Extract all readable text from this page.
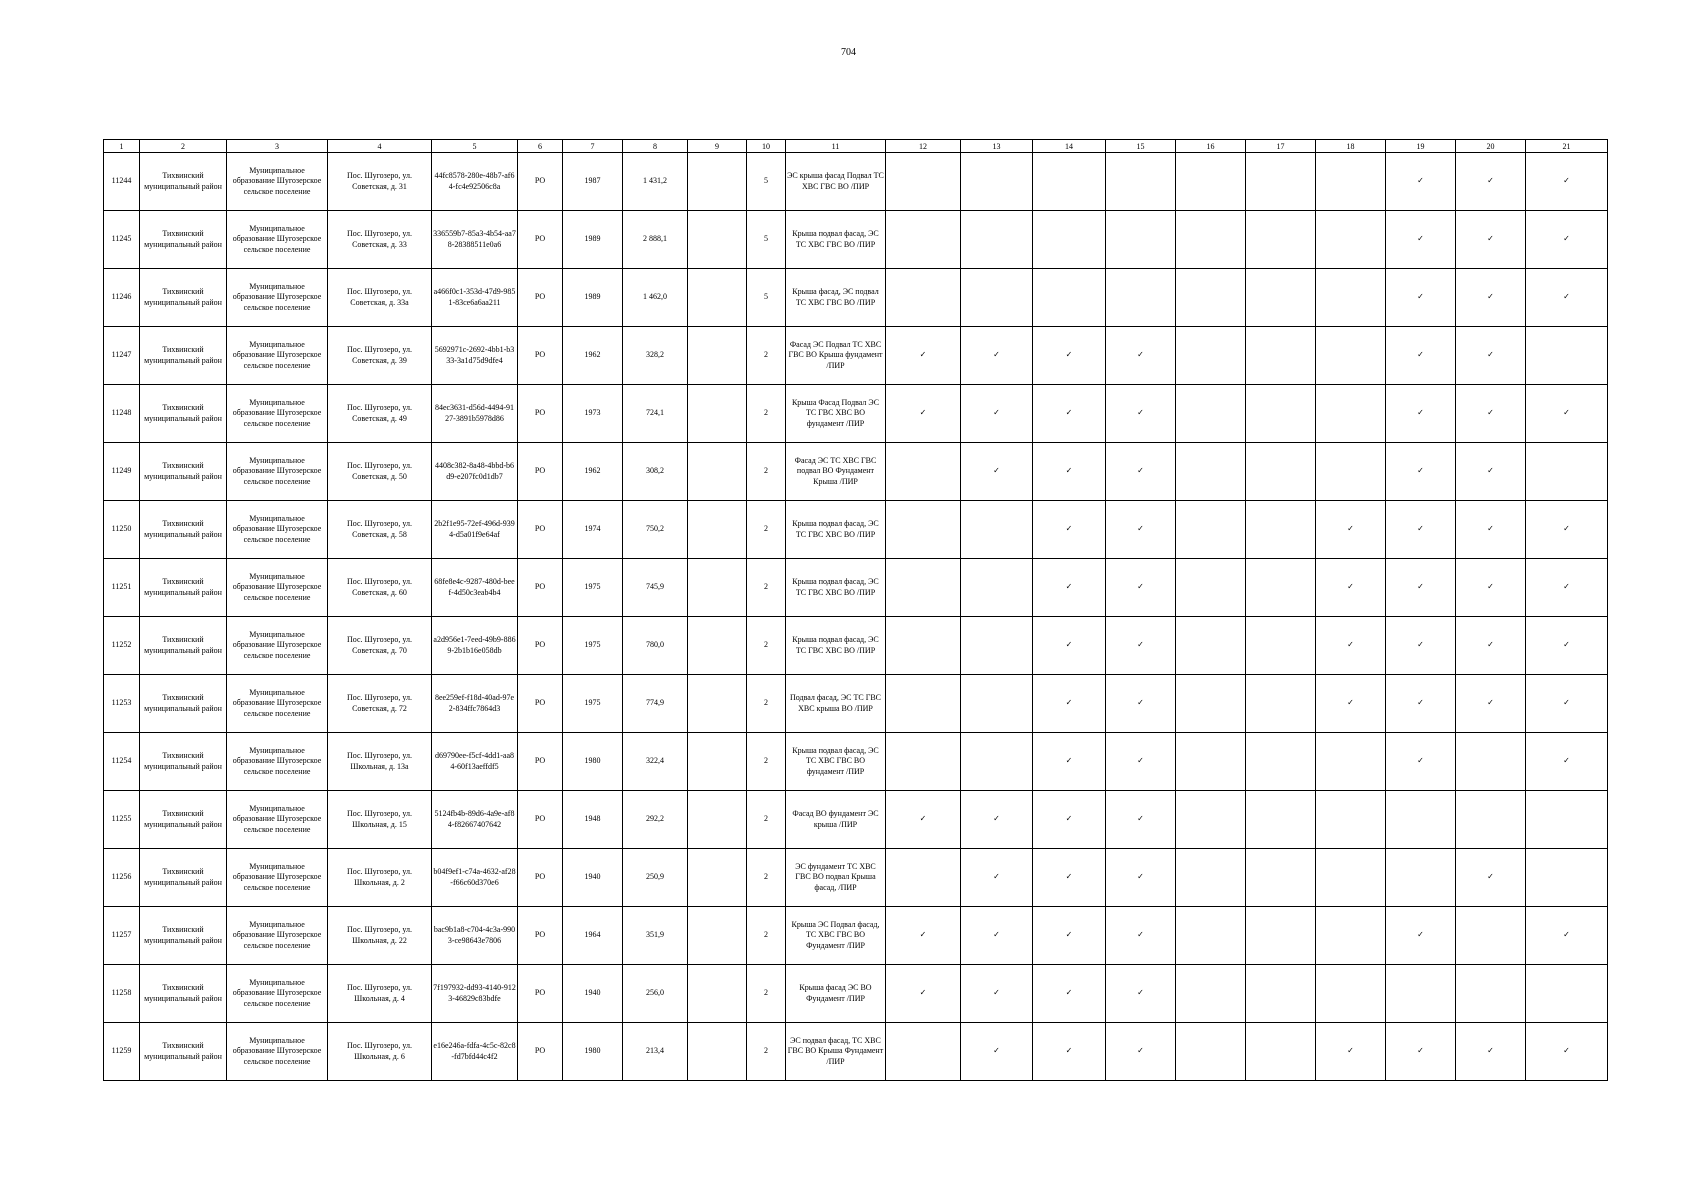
704
1	2	3	4	5	6	7	8	9	10	11	12	13	14	15	16	17	18	19	20	21
11244	Тихвинский муниципальный район	Муниципальное образование Шугозерское сельское поселение	Пос. Шугозеро, ул. Советская, д. 31	44fc8578-280e-48b7-af64-fc4e92506c8a	РО	1987	1 431,2		5	ЭС крыша фасад Подвал ТС ХВС ГВС ВО /ПИР								✓	✓	✓
11245	Тихвинский муниципальный район	Муниципальное образование Шугозерское сельское поселение	Пос. Шугозеро, ул. Советская, д. 33	336559b7-85a3-4b54-aa78-28388511e0a6	РО	1989	2 888,1		5	Крыша подвал фасад, ЭС ТС ХВС ГВС ВО /ПИР								✓	✓	✓
11246	Тихвинский муниципальный район	Муниципальное образование Шугозерское сельское поселение	Пос. Шугозеро, ул. Советская, д. 33а	a466f0c1-353d-47d9-9851-83ce6a6aa211	РО	1989	1 462,0		5	Крыша фасад, ЭС подвал ТС ХВС ГВС ВО /ПИР								✓	✓	✓
11247	Тихвинский муниципальный район	Муниципальное образование Шугозерское сельское поселение	Пос. Шугозеро, ул. Советская, д. 39	5692971c-2692-4bb1-b333-3a1d75d9dfe4	РО	1962	328,2		2	Фасад ЭС Подвал ТС ХВС ГВС ВО Крыша фундамент /ПИР	✓	✓	✓	✓				✓	✓	
11248	Тихвинский муниципальный район	Муниципальное образование Шугозерское сельское поселение	Пос. Шугозеро, ул. Советская, д. 49	84ec3631-d56d-4494-9127-3891b5978d86	РО	1973	724,1		2	Крыша Фасад Подвал ЭС ТС ГВС ХВС ВО фундамент /ПИР	✓	✓	✓	✓				✓	✓	✓
11249	Тихвинский муниципальный район	Муниципальное образование Шугозерское сельское поселение	Пос. Шугозеро, ул. Советская, д. 50	4408c382-8a48-4bbd-b6d9-e207fc0d1db7	РО	1962	308,2		2	Фасад ЭС ТС ХВС ГВС подвал ВО Фундамент Крыша /ПИР		✓	✓	✓				✓	✓	
11250	Тихвинский муниципальный район	Муниципальное образование Шугозерское сельское поселение	Пос. Шугозеро, ул. Советская, д. 58	2b2f1e95-72ef-496d-9394-d5a01f9e64af	РО	1974	750,2		2	Крыша подвал фасад, ЭС ТС ГВС ХВС ВО /ПИР			✓	✓			✓	✓	✓	✓
11251	Тихвинский муниципальный район	Муниципальное образование Шугозерское сельское поселение	Пос. Шугозеро, ул. Советская, д. 60	68fe8e4c-9287-480d-beef-4d50c3eab4b4	РО	1975	745,9		2	Крыша подвал фасад, ЭС ТС ГВС ХВС ВО /ПИР			✓	✓			✓	✓	✓	✓
11252	Тихвинский муниципальный район	Муниципальное образование Шугозерское сельское поселение	Пос. Шугозеро, ул. Советская, д. 70	a2d956e1-7eed-49b9-8869-2b1b16e058db	РО	1975	780,0		2	Крыша подвал фасад, ЭС ТС ГВС ХВС ВО /ПИР			✓	✓			✓	✓	✓	✓
11253	Тихвинский муниципальный район	Муниципальное образование Шугозерское сельское поселение	Пос. Шугозеро, ул. Советская, д. 72	8ee259ef-f18d-40ad-97e2-834ffc7864d3	РО	1975	774,9		2	Подвал фасад, ЭС ТС ГВС ХВС крыша ВО /ПИР			✓	✓			✓	✓	✓	✓
11254	Тихвинский муниципальный район	Муниципальное образование Шугозерское сельское поселение	Пос. Шугозеро, ул. Школьная, д. 13а	d69790ee-f5cf-4dd1-aa84-60f13aeffdf5	РО	1980	322,4		2	Крыша подвал фасад, ЭС ТС ХВС ГВС ВО фундамент /ПИР			✓	✓				✓		✓
11255	Тихвинский муниципальный район	Муниципальное образование Шугозерское сельское поселение	Пос. Шугозеро, ул. Школьная, д. 15	5124fb4b-89d6-4a9e-af84-f82667407642	РО	1948	292,2		2	Фасад ВО фундамент ЭС крыша /ПИР	✓	✓	✓	✓						
11256	Тихвинский муниципальный район	Муниципальное образование Шугозерское сельское поселение	Пос. Шугозеро, ул. Школьная, д. 2	b04f9ef1-c74a-4632-af28-f66c60d370e6	РО	1940	250,9		2	ЭС фундамент ТС ХВС ГВС ВО подвал Крыша фасад, /ПИР		✓	✓	✓					✓	
11257	Тихвинский муниципальный район	Муниципальное образование Шугозерское сельское поселение	Пос. Шугозеро, ул. Школьная, д. 22	bac9b1a8-c704-4c3a-9903-ce98643e7806	РО	1964	351,9		2	Крыша ЭС Подвал фасад, ТС ХВС ГВС ВО Фундамент /ПИР	✓	✓	✓	✓				✓		✓
11258	Тихвинский муниципальный район	Муниципальное образование Шугозерское сельское поселение	Пос. Шугозеро, ул. Школьная, д. 4	7f197932-dd93-4140-9123-46829c83bdfe	РО	1940	256,0		2	Крыша фасад ЭС ВО Фундамент /ПИР	✓	✓	✓	✓						
11259	Тихвинский муниципальный район	Муниципальное образование Шугозерское сельское поселение	Пос. Шугозеро, ул. Школьная, д. 6	e16e246a-fdfa-4c5c-82c8-fd7bfd44c4f2	РО	1980	213,4		2	ЭС подвал фасад, ТС ХВС ГВС ВО Крыша Фундамент /ПИР		✓	✓	✓			✓	✓	✓	✓
